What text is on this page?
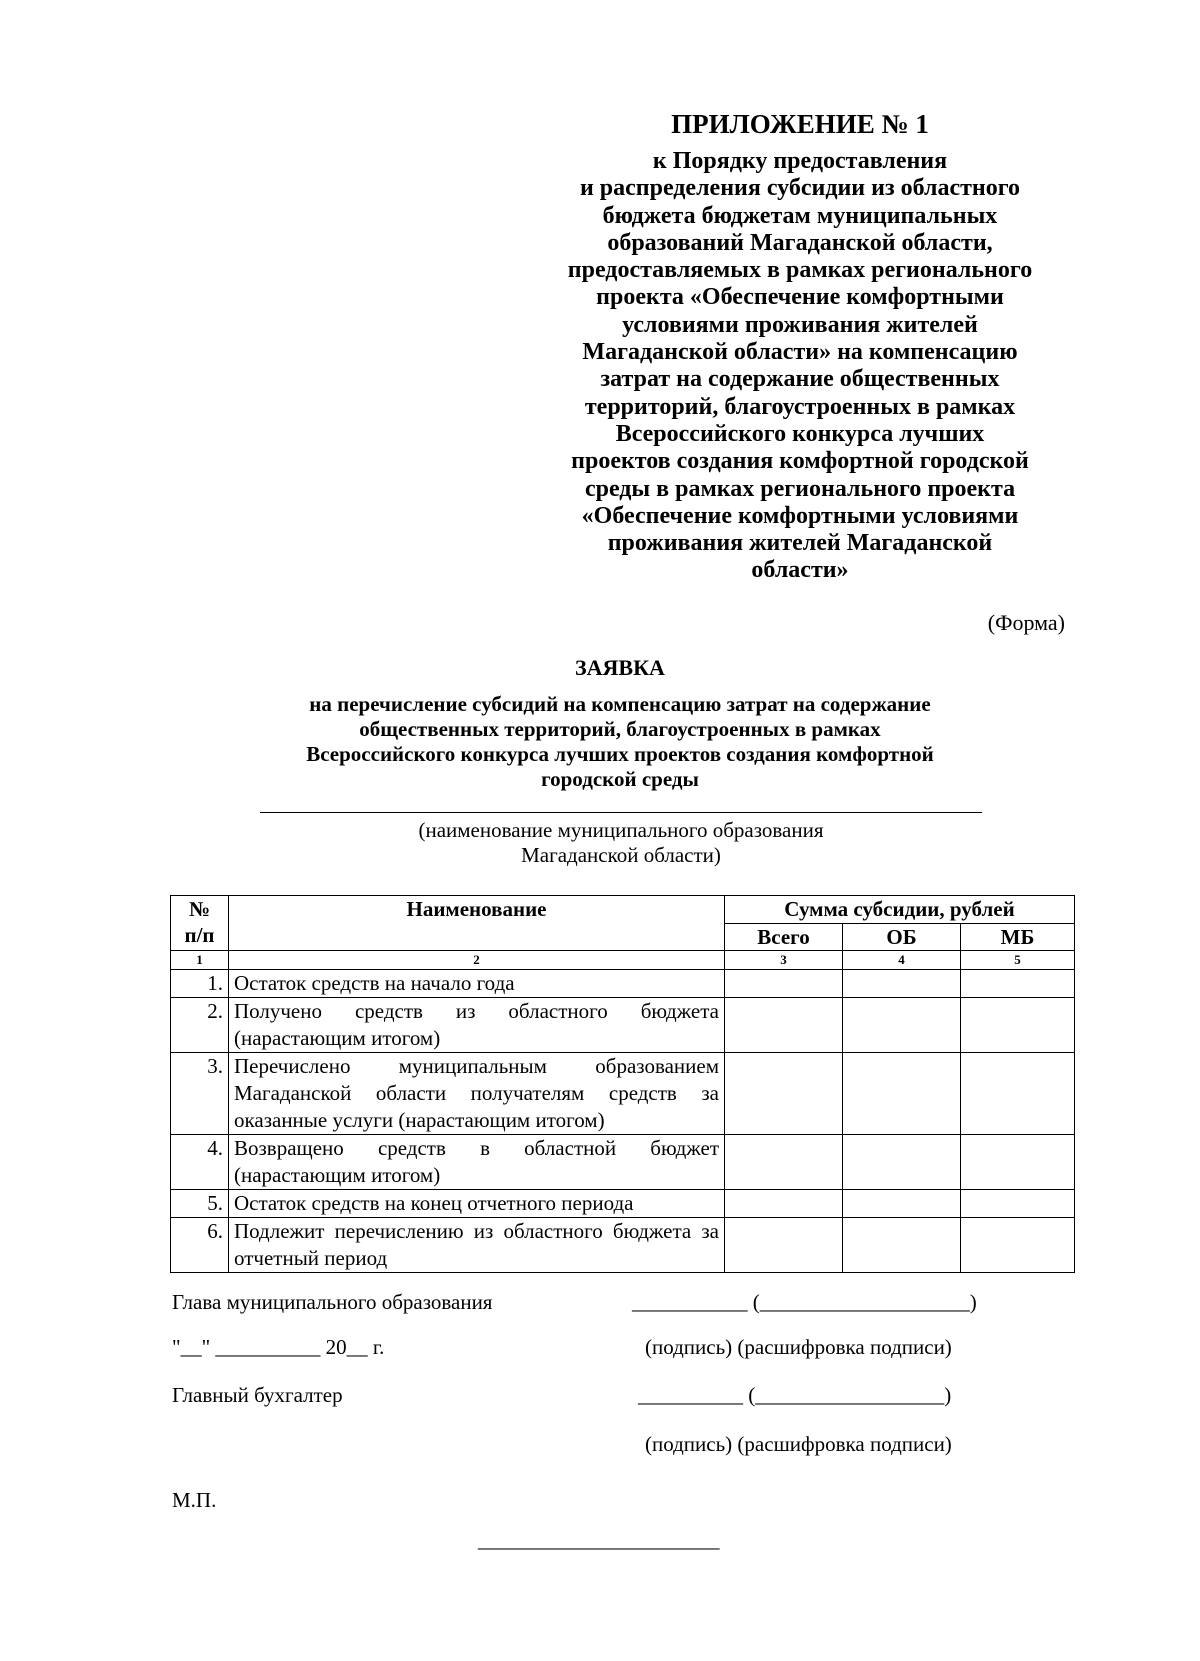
ПРИЛОЖЕНИЕ № 1
к Порядку предоставления
и распределения субсидии из областного
бюджета бюджетам муниципальных
образований Магаданской области,
предоставляемых в рамках регионального
проекта «Обеспечение комфортными
условиями проживания жителей
Магаданской области» на компенсацию
затрат на содержание общественных
территорий, благоустроенных в рамках
Всероссийского конкурса лучших
проектов создания комфортной городской
среды в рамках регионального проекта
«Обеспечение комфортными условиями
проживания жителей Магаданской
области»
(Форма)
ЗАЯВКА
на перечисление субсидий на компенсацию затрат на содержание
общественных территорий, благоустроенных в рамках
Всероссийского конкурса лучших проектов создания комфортной
городской среды
(наименование муниципального образования
Магаданской области)
№
п/п	Наименование	Сумма субсидии, рублей		
		Всего	ОБ	МБ
1	2	3	4	5
1.	Остаток средств на начало года			
2.	Получено средств из областного бюджета (нарастающим итогом)			
3.	Перечислено муниципальным образованием Магаданской области получателям средств за оказанные услуги (нарастающим итогом)			
4.	Возвращено средств в областной бюджет (нарастающим итогом)			
5.	Остаток средств на конец отчетного периода			
6.	Подлежит перечислению из областного бюджета за отчетный период			
Глава муниципального образования	___________ (____________________)
"__" __________ 20__ г.	(подпись) (расшифровка подписи)
Главный бухгалтер	__________ (__________________)
(подпись) (расшифровка подписи)
М.П.
_______________________
